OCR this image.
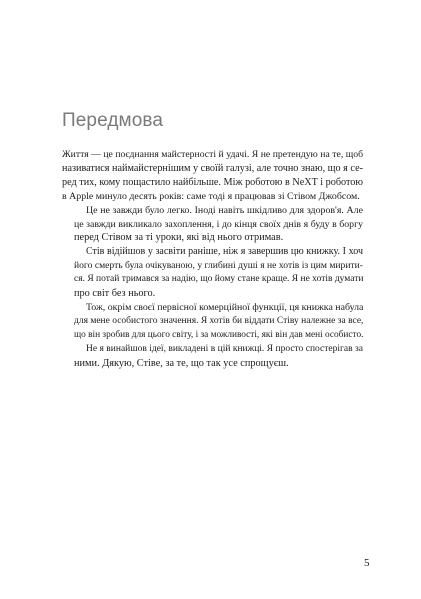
Передмова

Життя — це поєднання майстерності й удачі. Я не претендую на те, щоб
називатися наймайстернішим у своїй галузі, але точно знаю, що я се-
ред тих, кому пощастило найбільше. Між роботою в NeXT і роботою
в Apple минуло десять років: саме тоді я працював зі Стівом Джобсом.

Це не завжди було легко. Іноді навіть шкідливо для здоров'я. Але
це завжди викликало захоплення, і до кінця своїх днів я буду в боргу
перед Стівом за ті уроки, які від нього отримав.

Стів відійшов у засвіти раніше, ніж я завершив цю книжку. І хоч
його смерть була очікуваною, у глибині душі я не хотів із цим мирити-
ся. Я потай тримався за надію, що йому стане краще. Я не хотів думати
про світ без нього.

Тож, окрім своєї первісної комерційної функції, ця книжка набула
для мене особистого значення. Я хотів би віддати Стіву належне за все,
що він зробив для цього світу, і за можливості, які він дав мені особисто.

Не я винайшов ідеї, викладені в цій книжці. Я просто спостерігав за
ними. Дякую, Стіве, за те, що так усе спрощуєш.

5
